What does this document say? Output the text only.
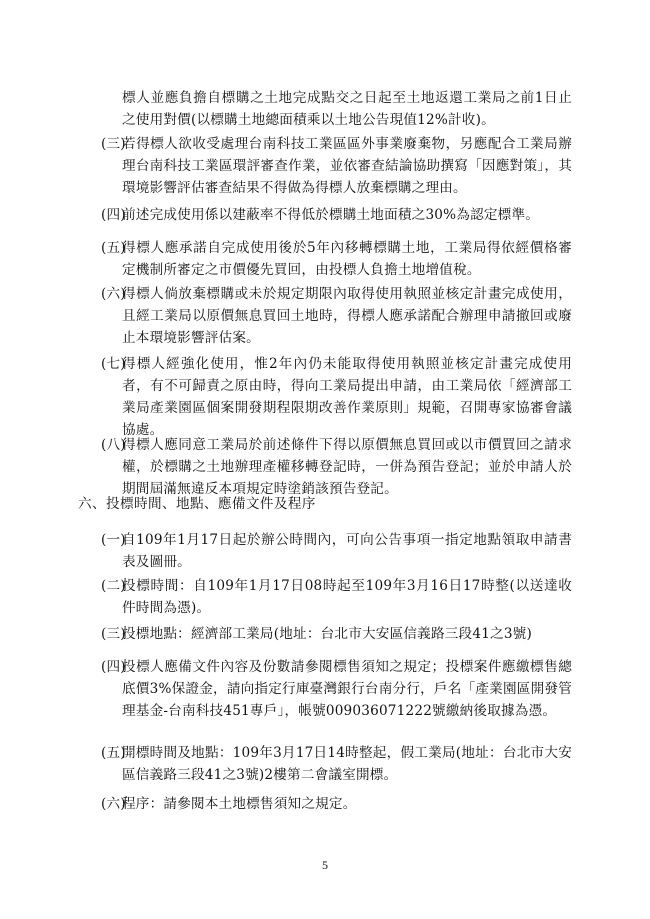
標人並應負擔自標購之土地完成點交之日起至土地返還工業局之前1日止之使用對價(以標購土地總面積乘以土地公告現值12%計收)。
(三)
若得標人欲收受處理台南科技工業區區外事業廢棄物，另應配合工業局辦理台南科技工業區環評審查作業，並依審查結論協助撰寫「因應對策」，其環境影響評估審查結果不得做為得標人放棄標購之理由。
(四)
前述完成使用係以建蔽率不得低於標購土地面積之30%為認定標準。
(五)
得標人應承諾自完成使用後於5年內移轉標購土地，工業局得依經價格審定機制所審定之市價優先買回，由投標人負擔土地增值稅。
(六)
得標人倘放棄標購或未於規定期限內取得使用執照並核定計畫完成使用，且經工業局以原價無息買回土地時，得標人應承諾配合辦理申請撤回或廢止本環境影響評估案。
(七)
得標人經強化使用，惟2年內仍未能取得使用執照並核定計畫完成使用者，有不可歸責之原由時，得向工業局提出申請，由工業局依「經濟部工業局產業園區個案開發期程限期改善作業原則」規範，召開專家協審會議協處。
(八)
得標人應同意工業局於前述條件下得以原價無息買回或以市價買回之請求權，於標購之土地辦理產權移轉登記時，一併為預告登記；並於申請人於期間屆滿無違反本項規定時塗銷該預告登記。
六、投標時間、地點、應備文件及程序
(一)
自109年1月17日起於辦公時間內，可向公告事項一指定地點領取申請書表及圖冊。
(二)
投標時間：自109年1月17日08時起至109年3月16日17時整(以送達收件時間為憑)。
(三)
投標地點：經濟部工業局(地址：台北市大安區信義路三段41之3號)
(四)
投標人應備文件內容及份數請參閱標售須知之規定；投標案件應繳標售總底價3%保證金，請向指定行庫臺灣銀行台南分行，戶名「產業園區開發管理基金-台南科技451專戶」，帳號009036071222號繳納後取據為憑。
(五)
開標時間及地點：109年3月17日14時整起，假工業局(地址：台北市大安區信義路三段41之3號)2樓第二會議室開標。
(六)
程序：請參閱本土地標售須知之規定。
5
